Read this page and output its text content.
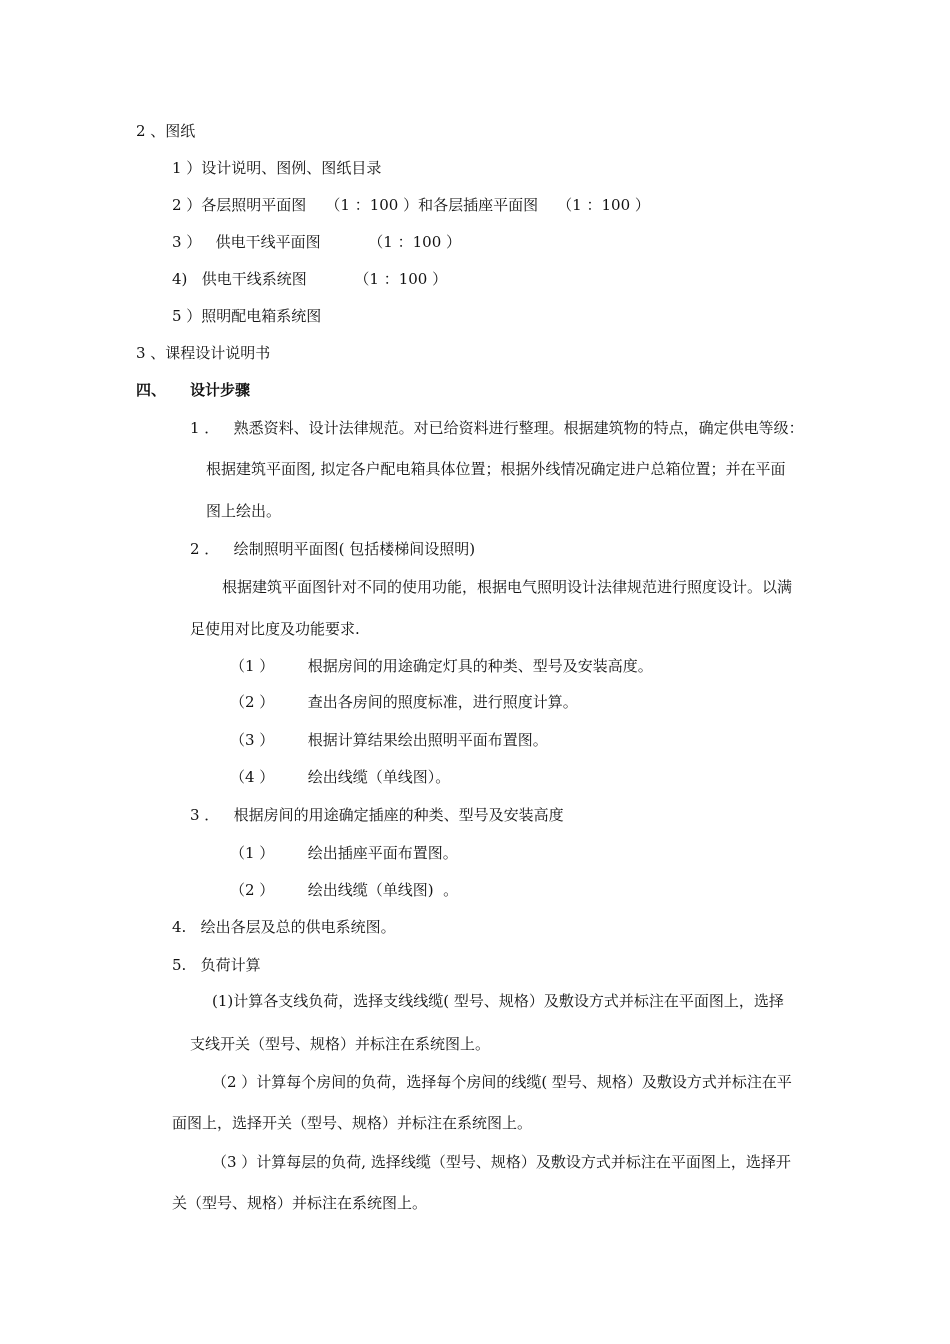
2 、图纸
1 ）设计说明、图例、图纸目录
2 ）各层照明平面图    （1 ：100 ）和各层插座平面图    （1 ：100 ）
3 ）   供电干线平面图          （1 ：100 ）
4)   供电干线系统图          （1 ：100 ）
5 ）照明配电箱系统图
3 、课程设计说明书
四、 设计步骤
1 ．   熟悉资料、设计法律规范。对已给资料进行整理。根据建筑物的特点，确定供电等级：
根据建筑平面图, 拟定各户配电箱具体位置；根据外线情况确定进户总箱位置；并在平面
图上绘出。
2 ．   绘制照明平面图( 包括楼梯间设照明)
根据建筑平面图针对不同的使用功能，根据电气照明设计法律规范进行照度设计。以满
足使用对比度及功能要求.
（1 ）       根据房间的用途确定灯具的种类、型号及安装高度。
（2 ）       查出各房间的照度标准，进行照度计算。
（3 ）       根据计算结果绘出照明平面布置图。
（4 ）       绘出线缆（单线图）。
3 ．   根据房间的用途确定插座的种类、型号及安装高度
（1 ）       绘出插座平面布置图。
（2 ）       绘出线缆（单线图)  。
4.   绘出各层及总的供电系统图。
5.   负荷计算
(1)计算各支线负荷，选择支线线缆( 型号、规格）及敷设方式并标注在平面图上，选择
支线开关（型号、规格）并标注在系统图上。
（2 ）计算每个房间的负荷，选择每个房间的线缆( 型号、规格）及敷设方式并标注在平
面图上，选择开关（型号、规格）并标注在系统图上。
（3 ）计算每层的负荷, 选择线缆（型号、规格）及敷设方式并标注在平面图上，选择开
关（型号、规格）并标注在系统图上。
